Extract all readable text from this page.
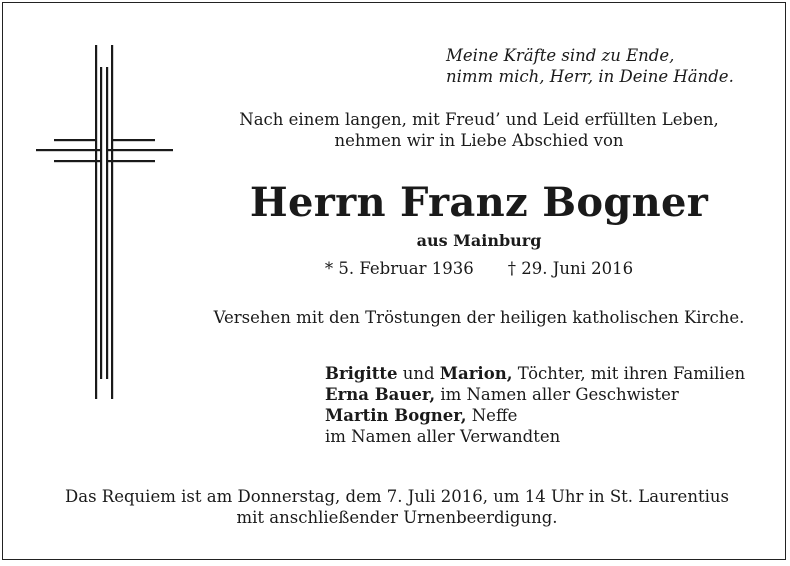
Meine Kräfte sind zu Ende,
nimm mich, Herr, in Deine Hände.
Nach einem langen, mit Freud’ und Leid erfüllten Leben,
nehmen wir in Liebe Abschied von
Herrn Franz Bogner
aus Mainburg
* 5. Februar 1936 † 29. Juni 2016
Versehen mit den Tröstungen der heiligen katholischen Kirche.
Brigitte und Marion, Töchter, mit ihren Familien
Erna Bauer, im Namen aller Geschwister
Martin Bogner, Neffe
im Namen aller Verwandten
Das Requiem ist am Donnerstag, dem 7. Juli 2016, um 14 Uhr in St. Laurentius
mit anschließender Urnenbeerdigung.
